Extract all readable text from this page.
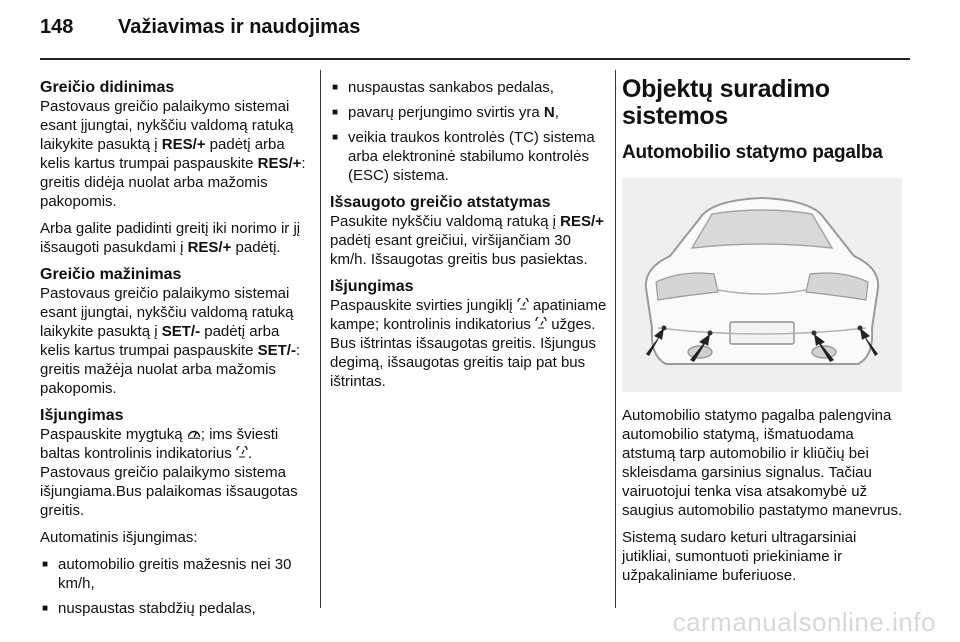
148 Važiavimas ir naudojimas
Greičio didinimas

Pastovaus greičio palaikymo sistemai esant įjungtai, nykščiu valdomą ratuką laikykite pasuktą į RES/+ padėtį arba kelis kartus trumpai paspauskite RES/+: greitis didėja nuolat arba mažomis pakopomis.

Arba galite padidinti greitį iki norimo ir jį išsaugoti pasukdami į RES/+ padėtį.

Greičio mažinimas

Pastovaus greičio palaikymo sistemai esant įjungtai, nykščiu valdomą ratuką laikykite pasuktą į SET/- padėtį arba kelis kartus trumpai paspauskite SET/-: greitis mažėja nuolat arba mažomis pakopomis.

Išjungimas

Paspauskite mygtuką ; ims šviesti baltas kontrolinis indikatorius .

Pastovaus greičio palaikymo sistema išjungiama.Bus palaikomas išsaugotas greitis.

Automatinis išjungimas:

■ automobilio greitis mažesnis nei 30 km/h,
■ nuspaustas stabdžių pedalas,
■ nuspaustas sankabos pedalas,
■ pavarų perjungimo svirtis yra N,
■ veikia traukos kontrolės (TC) sistema arba elektroninė stabilumo kontrolės (ESC) sistema.
Išsaugoto greičio atstatymas

Pasukite nykščiu valdomą ratuką į RES/+ padėtį esant greičiui, viršijančiam 30 km/h. Išsaugotas greitis bus pasiektas.

Išjungimas

Paspauskite svirties jungiklį  apatiniame kampe; kontrolinis indikatorius  užges. Bus ištrintas išsaugotas greitis. Išjungus degimą, išsaugotas greitis taip pat bus ištrintas.

Objektų suradimo sistemos
Automobilio statymo pagalba

Automobilio statymo pagalba palengvina automobilio statymą, išmatuodama atstumą tarp automobilio ir kliūčių bei skleisdama garsinius signalus. Tačiau vairuotojui tenka visa atsakomybė už saugius automobilio pastatymo manevrus.

Sistemą sudaro keturi ultragarsiniai jutikliai, sumontuoti priekiniame ir užpakaliniame buferiuose.

carmanualsonline.info
